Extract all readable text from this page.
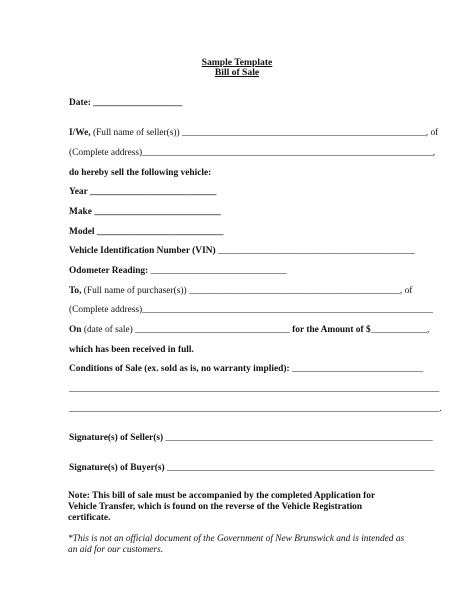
Sample Template
Bill of Sale
Date: ___________________
I/We, (Full name of seller(s)) ____________________________________________________, of
(Complete address)______________________________________________________________,
do hereby sell the following vehicle:
Year ___________________________
Make ___________________________
Model ___________________________
Vehicle Identification Number (VIN) __________________________________________
Odometer Reading: _____________________________
To, (Full name of purchaser(s)) _____________________________________________, of
(Complete address)______________________________________________________________
On (date of sale) _________________________________ for the Amount of $____________,
which has been received in full.
Conditions of Sale (ex. sold as is, no warranty implied): ____________________________
_______________________________________________________________________________
_______________________________________________________________________________.
Signature(s) of Seller(s) _________________________________________________________
Signature(s) of Buyer(s) _________________________________________________________
Note: This bill of sale must be accompanied by the completed Application for Vehicle Transfer, which is found on the reverse of the Vehicle Registration certificate.
*This is not an official document of the Government of New Brunswick and is intended as an aid for our customers.
